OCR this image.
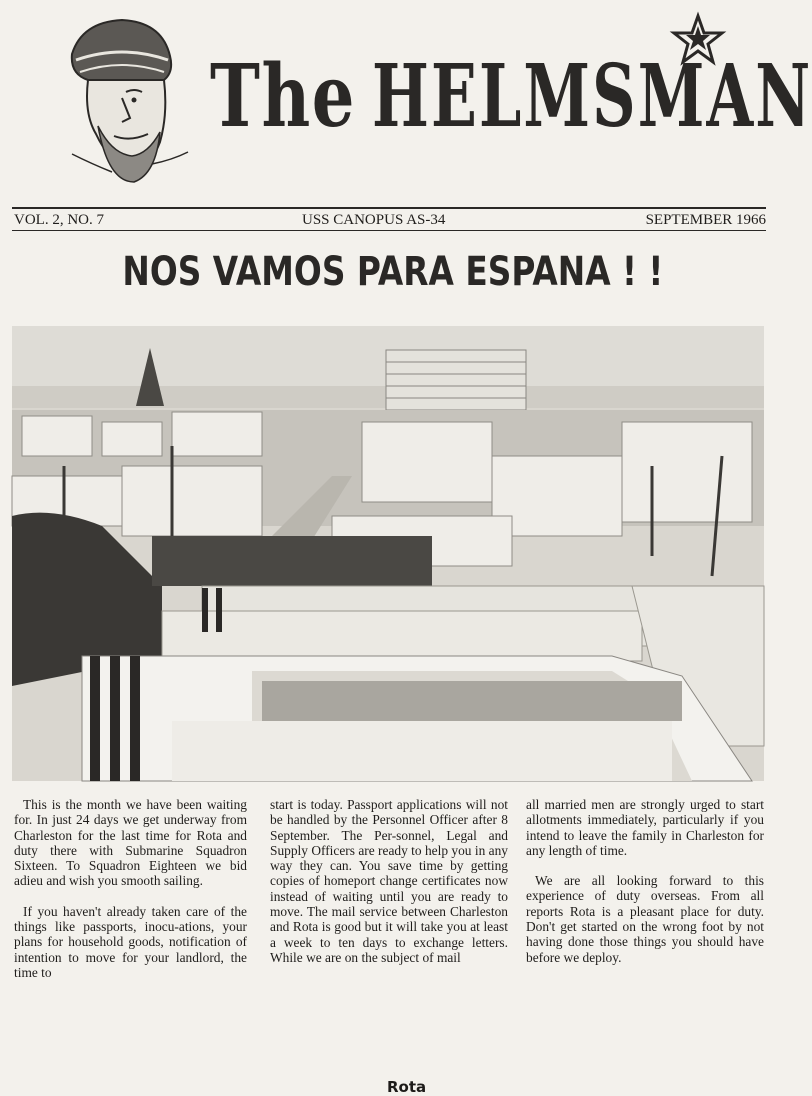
The HELMSMAN
VOL. 2, NO. 7	USS CANOPUS AS-34	SEPTEMBER 1966
NOS VAMOS PARA ESPANA ! !
Rota

This is the month we have been waiting for. In just 24 days we get underway from Charleston for the last time for Rota and duty there with Submarine Squadron Sixteen. To Squadron Eighteen we bid adieu and wish you smooth sailing.

If you haven't already taken care of the things like passports, inocu-ations, your plans for household goods, notification of intention to move for your landlord, the time to

start is today. Passport applications will not be handled by the Personnel Officer after 8 September. The Per-sonnel, Legal and Supply Officers are ready to help you in any way they can. You save time by getting copies of homeport change certificates now instead of waiting until you are ready to move. The mail service between Charleston and Rota is good but it will take you at least a week to ten days to exchange letters. While we are on the subject of mail

all married men are strongly urged to start allotments immediately, particularly if you intend to leave the family in Charleston for any length of time.

We are all looking forward to this experience of duty overseas. From all reports Rota is a pleasant place for duty. Don't get started on the wrong foot by not having done those things you should have before we deploy.
